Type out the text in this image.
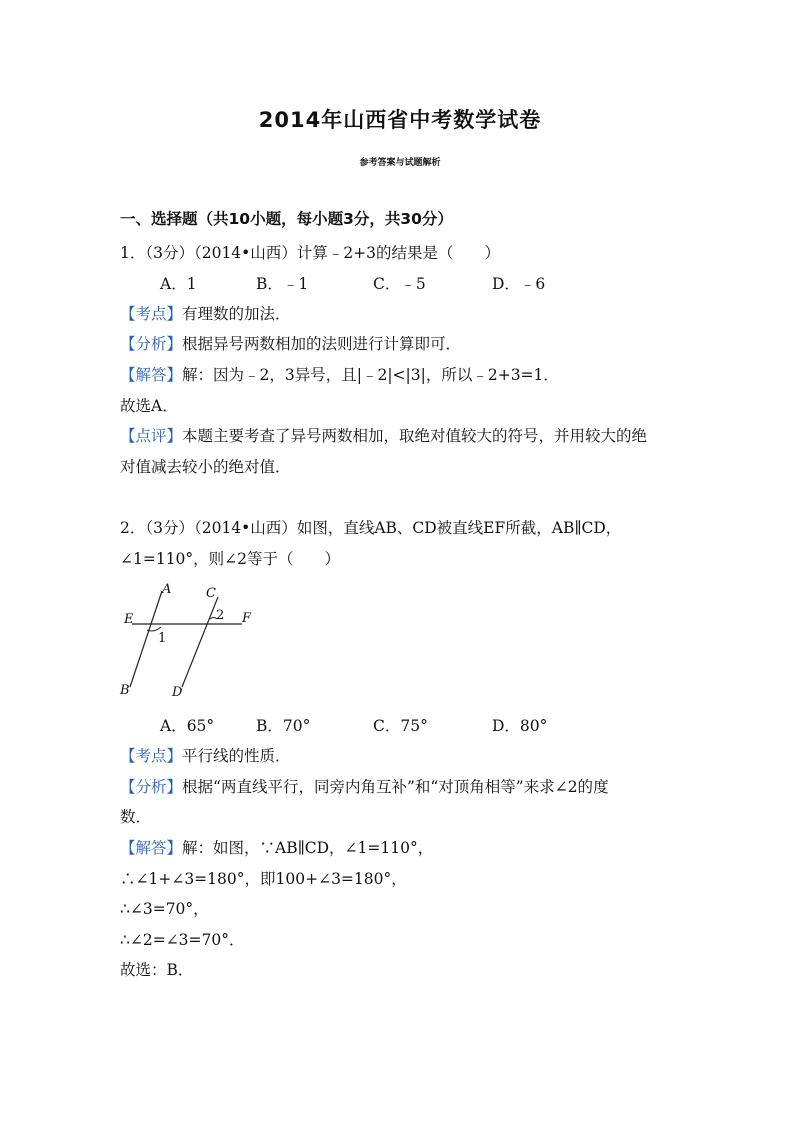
2014年山西省中考数学试卷
参考答案与试题解析
一、选择题（共10小题，每小题3分，共30分）
1．（3分）（2014•山西）计算﹣2+3的结果是（　　）
A．1	B．﹣1	C．﹣5	D．﹣6
【考点】有理数的加法．
【分析】根据异号两数相加的法则进行计算即可．
【解答】解：因为﹣2，3异号，且|﹣2|<|3|，所以﹣2+3=1．
故选A．
【点评】本题主要考查了异号两数相加，取绝对值较大的符号，并用较大的绝
对值减去较小的绝对值．
2．（3分）（2014•山西）如图，直线AB、CD被直线EF所截，AB∥CD，
∠1=110°，则∠2等于（　　）
A
B
C
D
E	F
1
2
A．65°	B．70°	C．75°	D．80°
【考点】平行线的性质．
【分析】根据“两直线平行，同旁内角互补”和“对顶角相等”来求∠2的度
数．
【解答】解：如图，∵AB∥CD，∠1=110°，
∴∠1+∠3=180°，即100+∠3=180°，
∴∠3=70°，
∴∠2=∠3=70°．
故选：B．
